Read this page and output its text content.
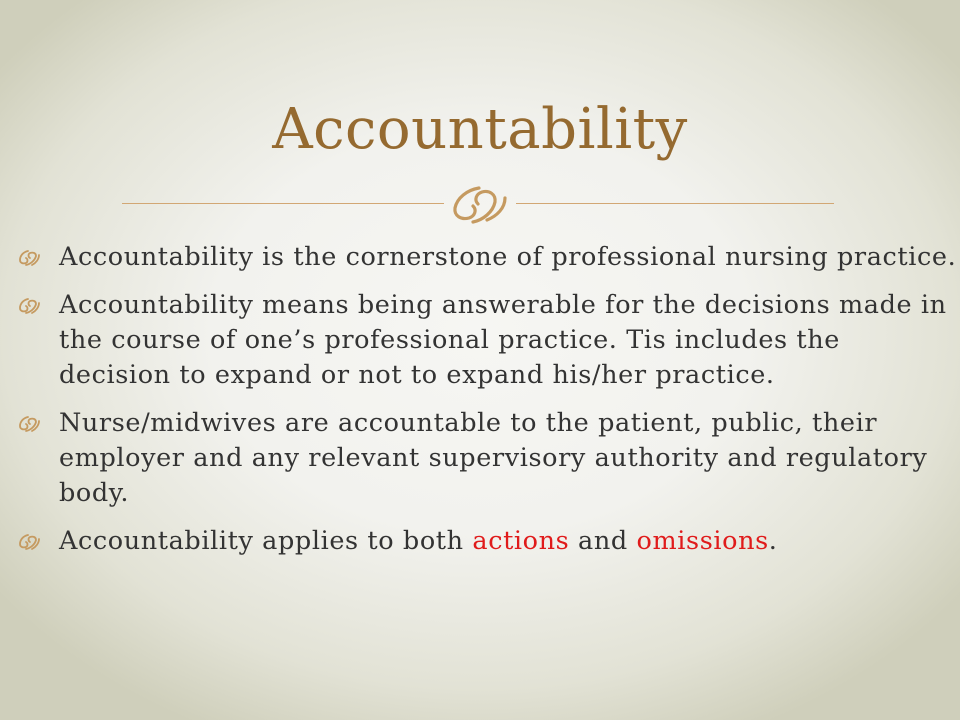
Accountability
Accountability is the cornerstone of professional nursing practice.
Accountability means being answerable for the decisions made in the course of one’s professional practice. Tis includes the decision to expand or not to expand his/her practice.
Nurse/midwives are accountable to the patient, public, their employer and any relevant supervisory authority and regulatory body.
Accountability applies to both actions and omissions.
